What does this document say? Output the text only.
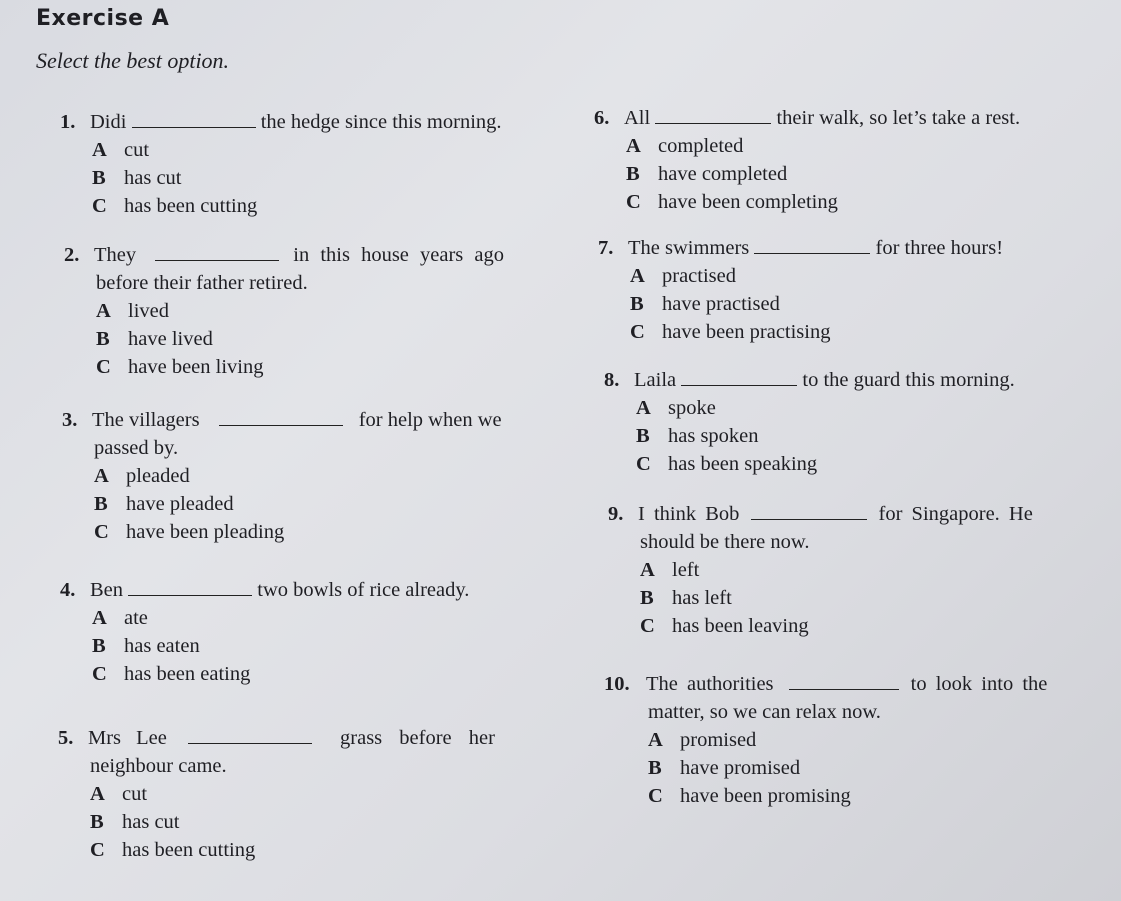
Exercise A
Select the best option.
1. Didi	the hedge since this morning.
A cut
B has cut
C has been cutting
2. They	in this house years ago
before their father retired.
A lived
B have lived
C have been living
3. The villagers	for help when we
passed by.
A pleaded
B have pleaded
C have been pleading
4. Ben	two bowls of rice already.
A ate
B has eaten
C has been eating
5. Mrs Lee	grass before her
neighbour came.
A cut
B has cut
C has been cutting
6. All	their walk, so let’s take a rest.
A completed
B have completed
C have been completing
7. The swimmers	for three hours!
A practised
B have practised
C have been practising
8. Laila	to the guard this morning.
A spoke
B has spoken
C has been speaking
9. I think Bob	for Singapore. He
should be there now.
A left
B has left
C has been leaving
10. The authorities	to look into the
matter, so we can relax now.
A promised
B have promised
C have been promising
